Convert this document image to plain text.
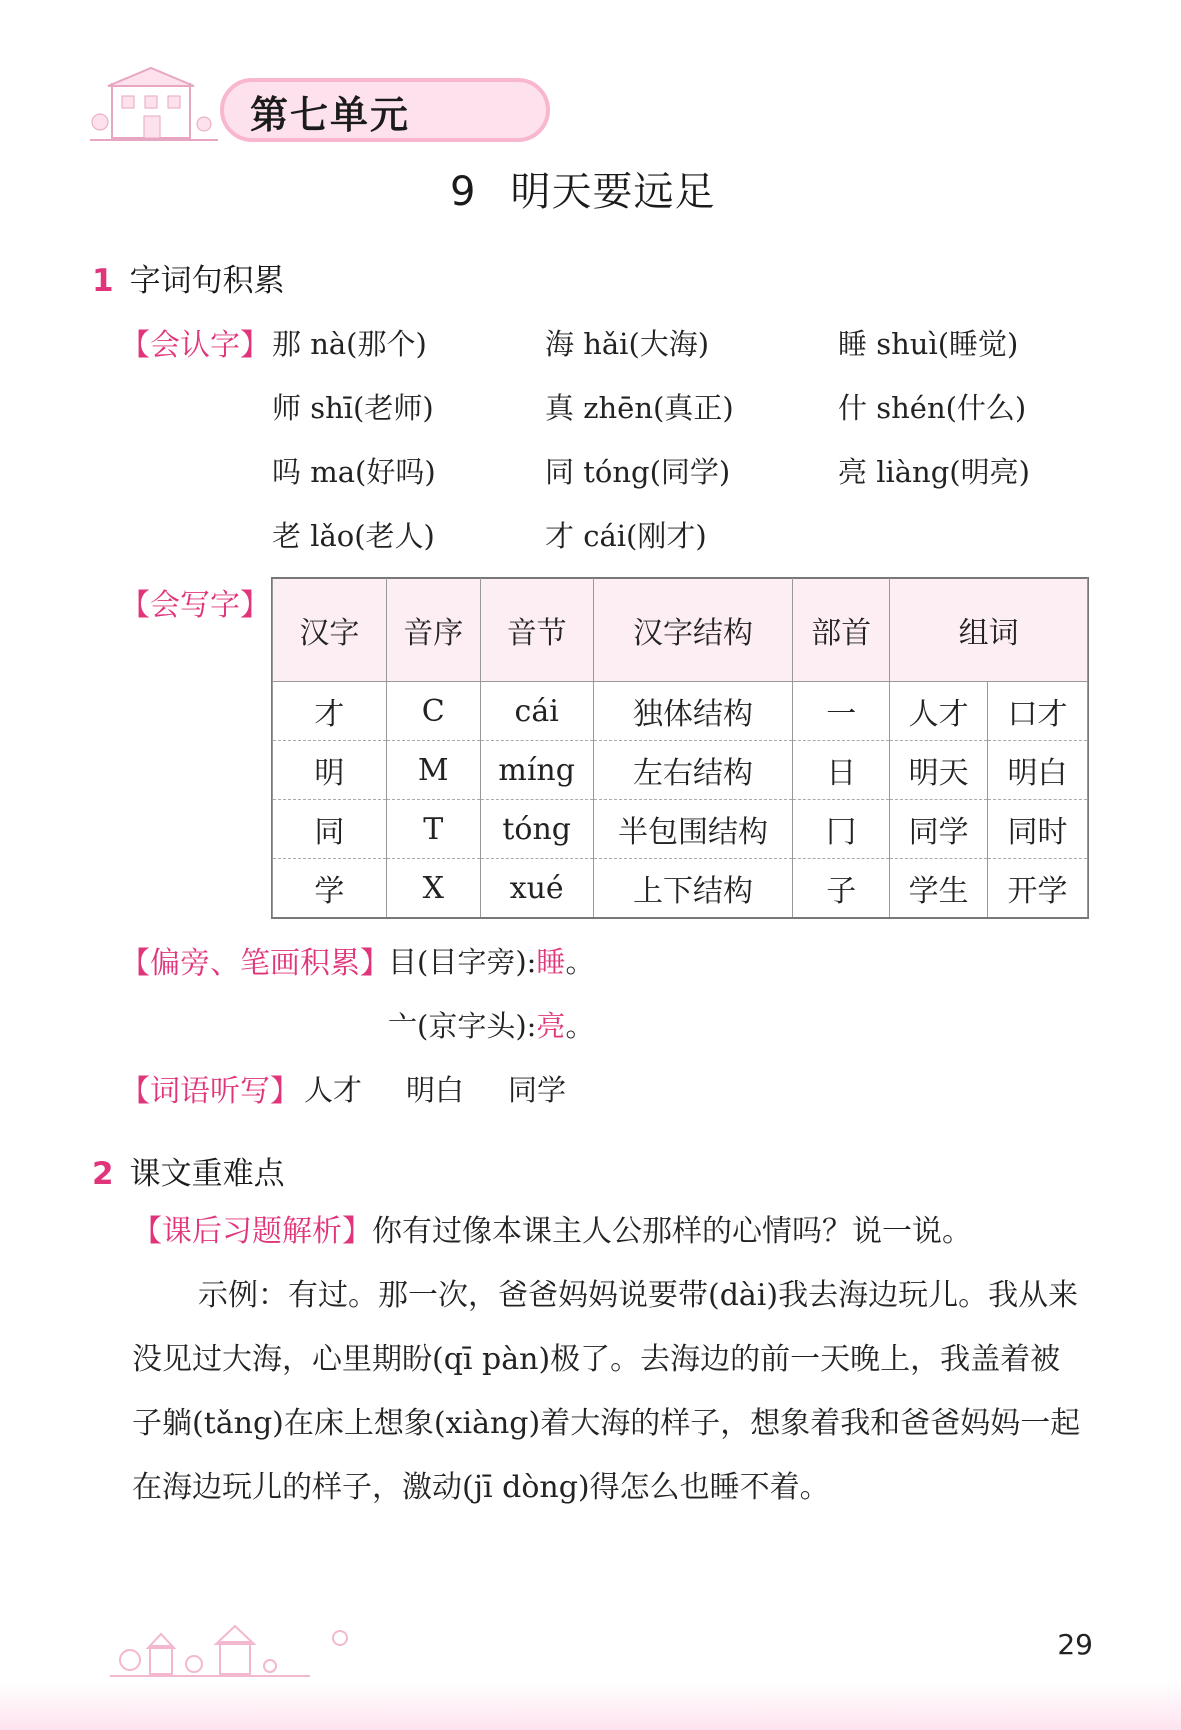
第七单元
9 明天要远足
1 字词句积累
【会认字】 那 nà(那个)	海 hǎi(大海)	睡 shuì(睡觉)
师 shī(老师)	真 zhēn(真正)	什 shén(什么)
吗 ma(好吗)	同 tóng(同学)	亮 liàng(明亮)
老 lǎo(老人)	才 cái(刚才)
【会写字】
汉字	音序	音节	汉字结构	部首	组词	
才	C	cái	独体结构	一	人才	口才
明	M	míng	左右结构	日	明天	明白
同	T	tóng	半包围结构	冂	同学	同时
学	X	xué	上下结构	子	学生	开学
【偏旁、笔画积累】
目(目字旁):睡。
亠(京字头):亮。
【词语听写】 人才 明白 同学
2 课文重难点
【课后习题解析】你有过像本课主人公那样的心情吗？说一说。
示例：有过。那一次，爸爸妈妈说要带(dài)我去海边玩儿。我从来没见过大海，心里期盼(qī pàn)极了。去海边的前一天晚上，我盖着被子躺(tǎng)在床上想象(xiàng)着大海的样子，想象着我和爸爸妈妈一起在海边玩儿的样子，激动(jī dòng)得怎么也睡不着。
29
